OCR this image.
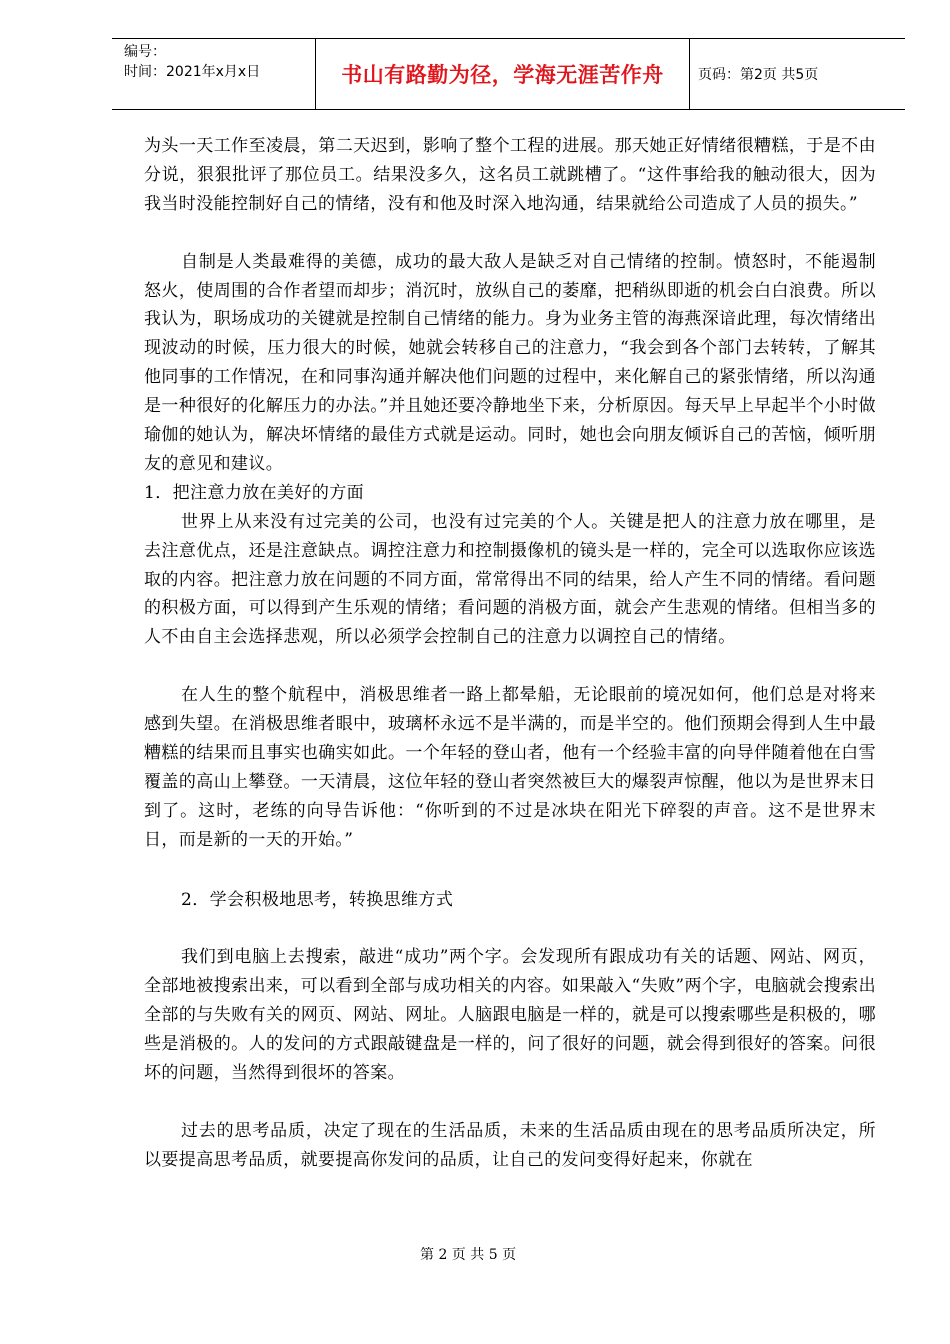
编号：
时间：2021年x月x日	书山有路勤为径，学海无涯苦作舟	页码：第2页 共5页

为头一天工作至凌晨，第二天迟到，影响了整个工程的进展。那天她正好情绪很糟糕，于是不由分说，狠狠批评了那位员工。结果没多久，这名员工就跳槽了。“这件事给我的触动很大，因为我当时没能控制好自己的情绪，没有和他及时深入地沟通，结果就给公司造成了人员的损失。”

自制是人类最难得的美德，成功的最大敌人是缺乏对自己情绪的控制。愤怒时，不能遏制怒火，使周围的合作者望而却步；消沉时，放纵自己的萎靡，把稍纵即逝的机会白白浪费。所以我认为，职场成功的关键就是控制自己情绪的能力。身为业务主管的海燕深谙此理，每次情绪出现波动的时候，压力很大的时候，她就会转移自己的注意力，“我会到各个部门去转转，了解其他同事的工作情况，在和同事沟通并解决他们问题的过程中，来化解自己的紧张情绪，所以沟通是一种很好的化解压力的办法。”并且她还要冷静地坐下来，分析原因。每天早上早起半个小时做瑜伽的她认为，解决坏情绪的最佳方式就是运动。同时，她也会向朋友倾诉自己的苦恼，倾听朋友的意见和建议。

1．把注意力放在美好的方面

世界上从来没有过完美的公司，也没有过完美的个人。关键是把人的注意力放在哪里，是去注意优点，还是注意缺点。调控注意力和控制摄像机的镜头是一样的，完全可以选取你应该选取的内容。把注意力放在问题的不同方面，常常得出不同的结果，给人产生不同的情绪。看问题的积极方面，可以得到产生乐观的情绪；看问题的消极方面，就会产生悲观的情绪。但相当多的人不由自主会选择悲观，所以必须学会控制自己的注意力以调控自己的情绪。

在人生的整个航程中，消极思维者一路上都晕船，无论眼前的境况如何，他们总是对将来感到失望。在消极思维者眼中，玻璃杯永远不是半满的，而是半空的。他们预期会得到人生中最糟糕的结果而且事实也确实如此。一个年轻的登山者，他有一个经验丰富的向导伴随着他在白雪覆盖的高山上攀登。一天清晨，这位年轻的登山者突然被巨大的爆裂声惊醒，他以为是世界末日到了。这时，老练的向导告诉他：“你听到的不过是冰块在阳光下碎裂的声音。这不是世界末日，而是新的一天的开始。”

2．学会积极地思考，转换思维方式

我们到电脑上去搜索，敲进“成功”两个字。会发现所有跟成功有关的话题、网站、网页，全部地被搜索出来，可以看到全部与成功相关的内容。如果敲入“失败”两个字，电脑就会搜索出全部的与失败有关的网页、网站、网址。人脑跟电脑是一样的，就是可以搜索哪些是积极的，哪些是消极的。人的发问的方式跟敲键盘是一样的，问了很好的问题，就会得到很好的答案。问很坏的问题，当然得到很坏的答案。

过去的思考品质，决定了现在的生活品质，未来的生活品质由现在的思考品质所决定，所以要提高思考品质，就要提高你发问的品质，让自己的发问变得好起来，你就在

第 2 页 共 5 页
